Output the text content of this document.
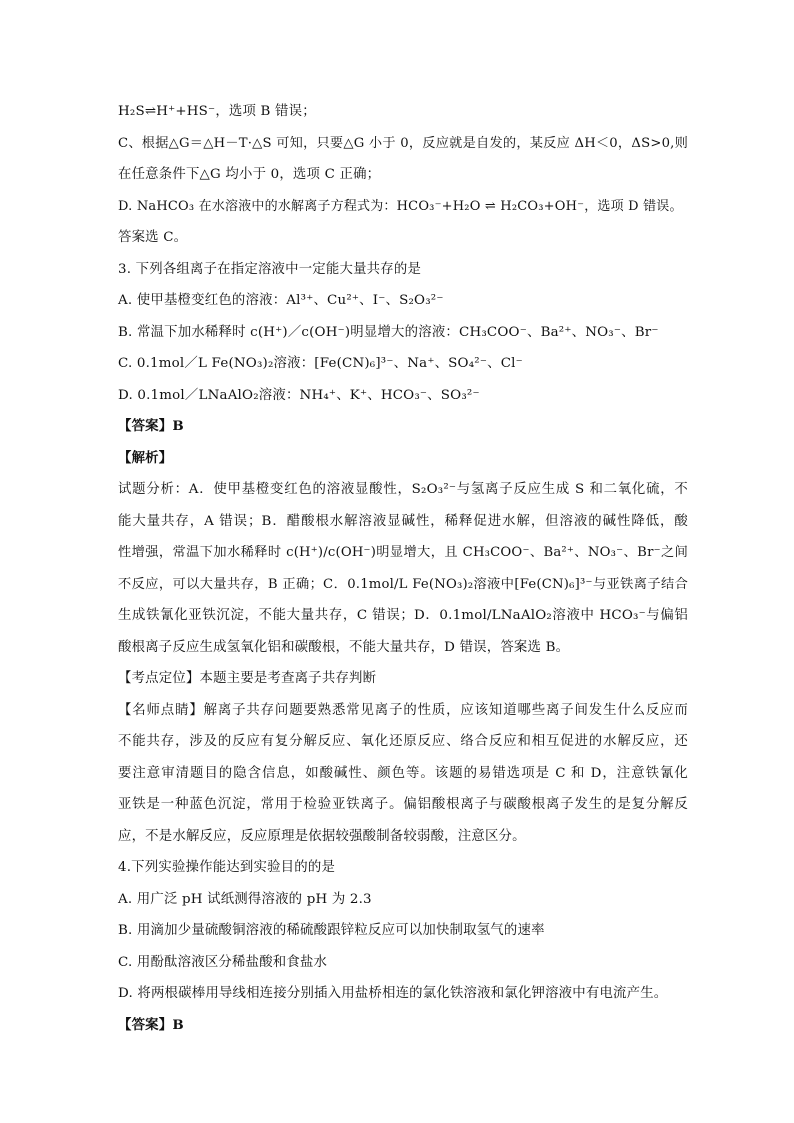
H₂S⇌H⁺+HS⁻，选项 B 错误；
C、根据△G＝△H－T·△S 可知，只要△G 小于 0，反应就是自发的，某反应 ΔH＜0，ΔS>0,则
在任意条件下△G 均小于 0，选项 C 正确；
D. NaHCO₃ 在水溶液中的水解离子方程式为：HCO₃⁻+H₂O ⇌ H₂CO₃+OH⁻，选项 D 错误。
答案选 C。
3. 下列各组离子在指定溶液中一定能大量共存的是
A. 使甲基橙变红色的溶液：Al³⁺、Cu²⁺、I⁻、S₂O₃²⁻
B. 常温下加水稀释时 c(H⁺)／c(OH⁻)明显增大的溶液：CH₃COO⁻、Ba²⁺、NO₃⁻、Br⁻
C. 0.1mol／L Fe(NO₃)₂溶液：[Fe(CN)₆]³⁻、Na⁺、SO₄²⁻、Cl⁻
D. 0.1mol／LNaAlO₂溶液：NH₄⁺、K⁺、HCO₃⁻、SO₃²⁻
【答案】B
【解析】
试题分析：A．使甲基橙变红色的溶液显酸性，S₂O₃²⁻与氢离子反应生成 S 和二氧化硫，不
能大量共存，A 错误；B．醋酸根水解溶液显碱性，稀释促进水解，但溶液的碱性降低，酸
性增强，常温下加水稀释时 c(H⁺)/c(OH⁻)明显增大，且 CH₃COO⁻、Ba²⁺、NO₃⁻、Br⁻之间
不反应，可以大量共存，B 正确；C．0.1mol/L Fe(NO₃)₂溶液中[Fe(CN)₆]³⁻与亚铁离子结合
生成铁氰化亚铁沉淀，不能大量共存，C 错误；D．0.1mol/LNaAlO₂溶液中 HCO₃⁻与偏铝
酸根离子反应生成氢氧化铝和碳酸根，不能大量共存，D 错误，答案选 B。
【考点定位】本题主要是考查离子共存判断
【名师点睛】解离子共存问题要熟悉常见离子的性质，应该知道哪些离子间发生什么反应而
不能共存，涉及的反应有复分解反应、氧化还原反应、络合反应和相互促进的水解反应，还
要注意审清题目的隐含信息，如酸碱性、颜色等。该题的易错选项是 C 和 D，注意铁氰化
亚铁是一种蓝色沉淀，常用于检验亚铁离子。偏铝酸根离子与碳酸根离子发生的是复分解反
应，不是水解反应，反应原理是依据较强酸制备较弱酸，注意区分。
4.下列实验操作能达到实验目的的是
A. 用广泛 pH 试纸测得溶液的 pH 为 2.3
B. 用滴加少量硫酸铜溶液的稀硫酸跟锌粒反应可以加快制取氢气的速率
C. 用酚酞溶液区分稀盐酸和食盐水
D. 将两根碳棒用导线相连接分别插入用盐桥相连的氯化铁溶液和氯化钾溶液中有电流产生。
【答案】B
